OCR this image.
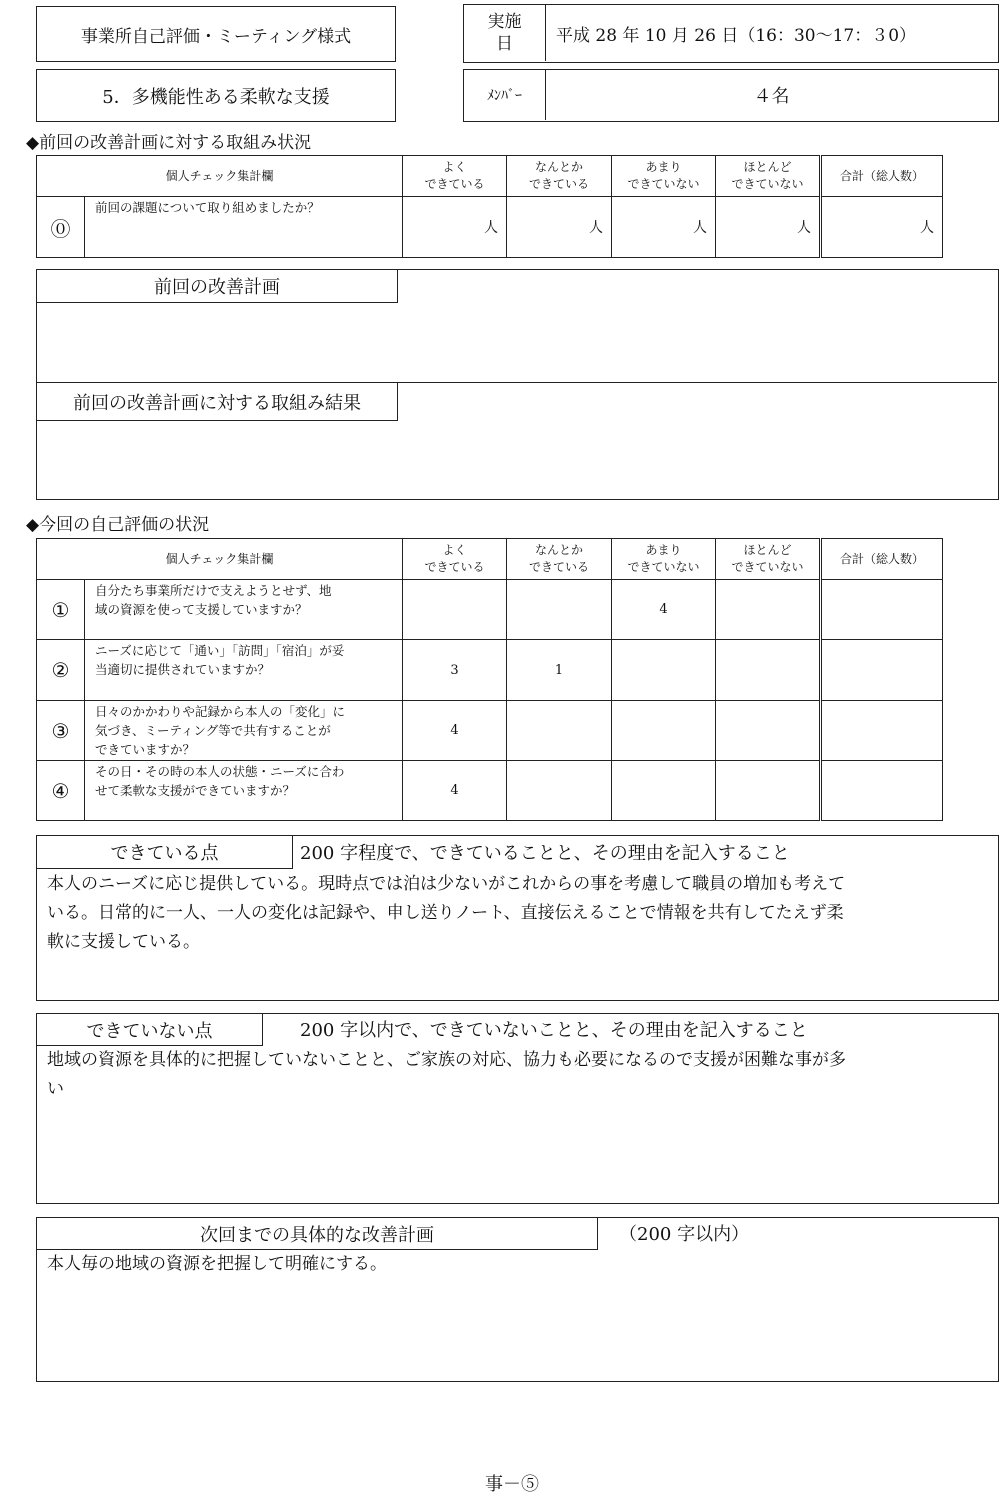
事業所自己評価・ミーティング様式
実施
日	平成 28 年 10 月 26 日（16：30～17：３0）
5．多機能性ある柔軟な支援	ﾒﾝﾊﾞｰ	４名
◆前回の改善計画に対する取組み状況
個人チェック集計欄		よく
できている	なんとか
できている	あまり
できていない	ほとんど
できていない	合計（総人数）
⓪	前回の課題について取り組めましたか？	人	人	人	人	人
前回の改善計画
前回の改善計画に対する取組み結果
◆今回の自己評価の状況
個人チェック集計欄		よく
できている	なんとか
できている	あまり
できていない	ほとんど
できていない	合計（総人数）
①	自分たち事業所だけで支えようとせず、地
域の資源を使って支援していますか？			4		
②	ニーズに応じて「通い」「訪問」「宿泊」が妥
当適切に提供されていますか？	3	1			
③	日々のかかわりや記録から本人の「変化」に
気づき、ミーティング等で共有することが
できていますか？	4				
④	その日・その時の本人の状態・ニーズに合わ
せて柔軟な支援ができていますか？	4				
できている点	200 字程度で、できていることと、その理由を記入すること
本人のニーズに応じ提供している。現時点では泊は少ないがこれからの事を考慮して職員の増加も考えて
いる。日常的に一人、一人の変化は記録や、申し送りノート、直接伝えることで情報を共有してたえず柔
軟に支援している。
できていない点	200 字以内で、できていないことと、その理由を記入すること
地域の資源を具体的に把握していないことと、ご家族の対応、協力も必要になるので支援が困難な事が多
い
次回までの具体的な改善計画	（200 字以内）
本人毎の地域の資源を把握して明確にする。
事－⑤
